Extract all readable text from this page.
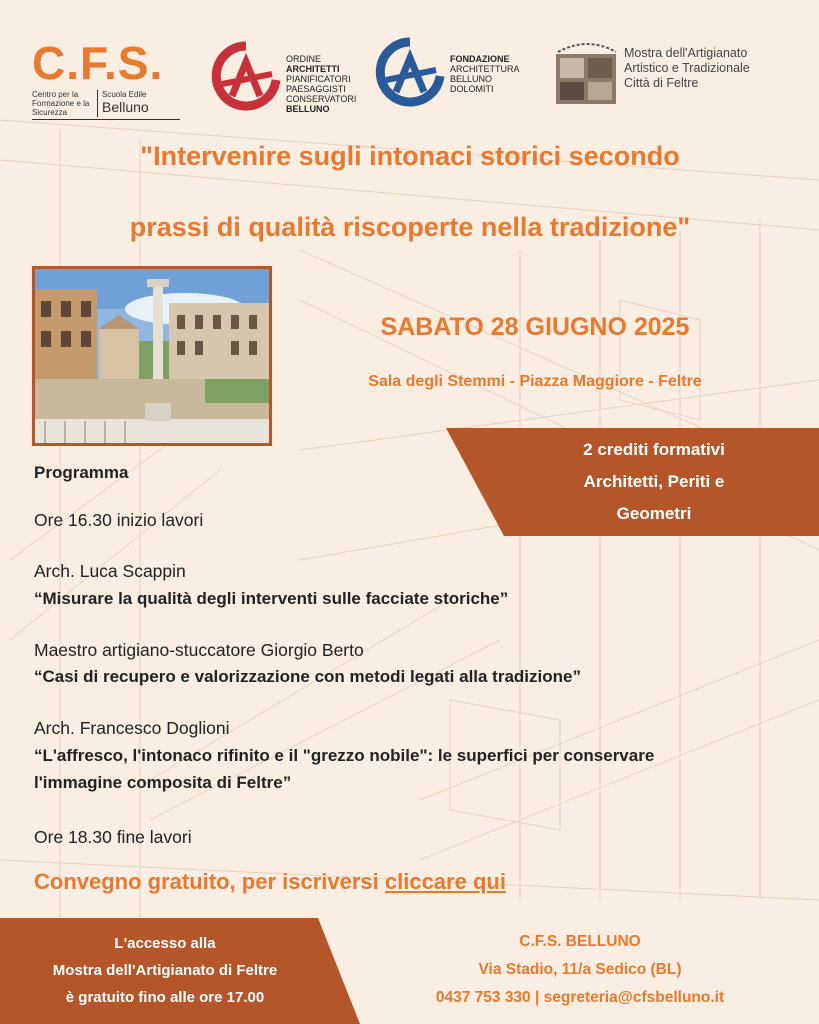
C.F.S.
Centro per la Formazione e la Sicurezza
Scuola Edile
Belluno
ORDINE
ARCHITETTI
PIANIFICATORI
PAESAGGISTI
CONSERVATORI
BELLUNO
FONDAZIONE
ARCHITETTURA
BELLUNO
DOLOMITI
Mostra dell'Artigianato
Artistico e Tradizionale
Città di Feltre
"Intervenire sugli intonaci storici secondo
prassi di qualità riscoperte nella tradizione"
SABATO 28 GIUGNO 2025
Sala degli Stemmi - Piazza Maggiore - Feltre
2 crediti formativi
Architetti, Periti e
Geometri
Programma
Ore 16.30 inizio lavori
Arch. Luca Scappin
“Misurare la qualità degli interventi sulle facciate storiche”
Maestro artigiano-stuccatore Giorgio Berto
“Casi di recupero e valorizzazione con metodi legati alla tradizione”
Arch. Francesco Doglioni
“L'affresco, l'intonaco rifinito e il "grezzo nobile": le superfici per conservare
l'immagine composita di Feltre”
Ore 18.30 fine lavori
Convegno gratuito, per iscriversi cliccare qui
L'accesso alla
Mostra dell'Artigianato di Feltre
è gratuito fino alle ore 17.00
C.F.S. BELLUNO
Via Stadio, 11/a Sedico (BL)
0437 753 330 | segreteria@cfsbelluno.it
